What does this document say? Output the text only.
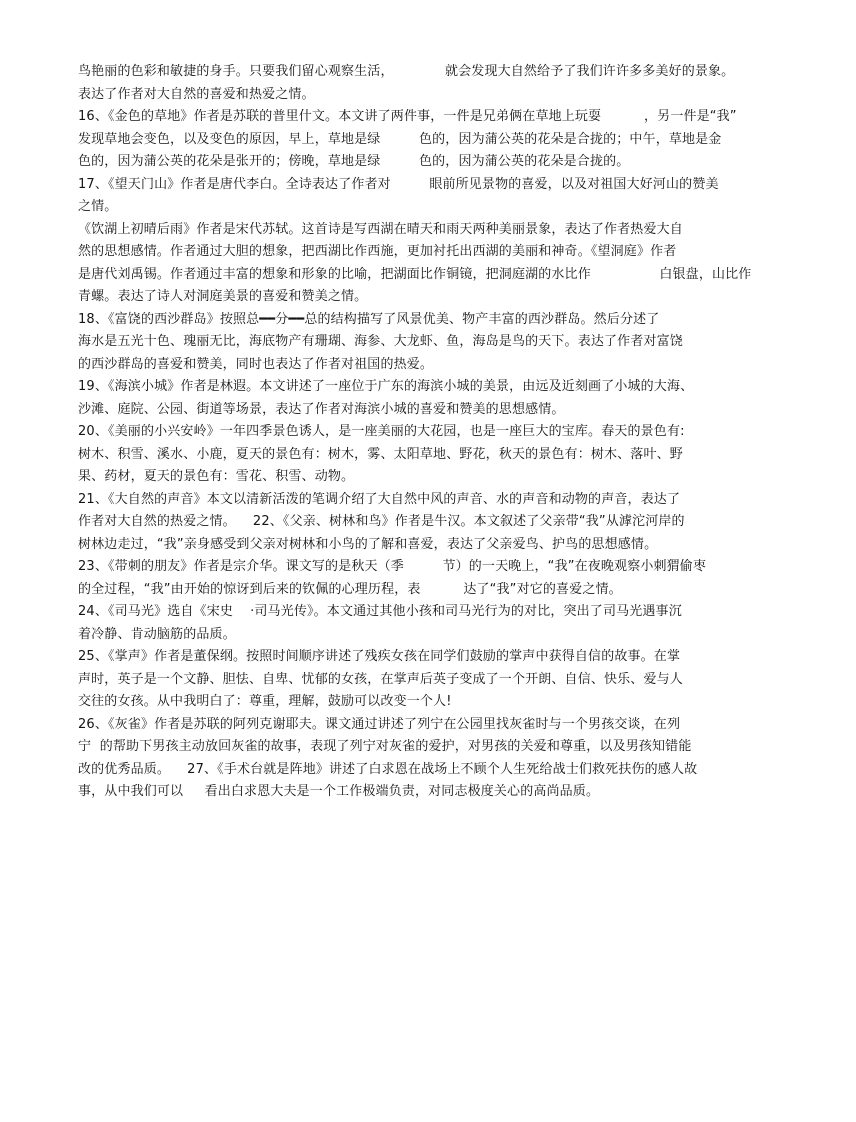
鸟艳丽的色彩和敏捷的身手。只要我们留心观察生活，            就会发现大自然给予了我们许许多多美好的景象。
表达了作者对大自然的喜爱和热爱之情。
16、《金色的草地》作者是苏联的普里什文。本文讲了两件事，一件是兄弟俩在草地上玩耍          ，另一件是“我”
发现草地会变色，以及变色的原因，早上，草地是绿         色的，因为蒲公英的花朵是合拢的；中午，草地是金
色的，因为蒲公英的花朵是张开的；傍晚，草地是绿         色的，因为蒲公英的花朵是合拢的。
17、《望天门山》作者是唐代李白。全诗表达了作者对         眼前所见景物的喜爱，以及对祖国大好河山的赞美
之情。
《饮湖上初晴后雨》作者是宋代苏轼。这首诗是写西湖在晴天和雨天两种美丽景象，表达了作者热爱大自
然的思想感情。作者通过大胆的想象，把西湖比作西施，更加衬托出西湖的美丽和神奇。《望洞庭》作者
是唐代刘禹锡。作者通过丰富的想象和形象的比喻，把湖面比作铜镜，把洞庭湖的水比作                白银盘，山比作
青螺。表达了诗人对洞庭美景的喜爱和赞美之情。
18、《富饶的西沙群岛》按照总━━分━━总的结构描写了风景优美、物产丰富的西沙群岛。然后分述了
海水是五光十色、瑰丽无比，海底物产有珊瑚、海参、大龙虾、鱼，海岛是鸟的天下。表达了作者对富饶
的西沙群岛的喜爱和赞美，同时也表达了作者对祖国的热爱。
19、《海滨小城》作者是林遐。本文讲述了一座位于广东的海滨小城的美景，由远及近刻画了小城的大海、
沙滩、庭院、公园、街道等场景，表达了作者对海滨小城的喜爱和赞美的思想感情。
20、《美丽的小兴安岭》一年四季景色诱人，是一座美丽的大花园，也是一座巨大的宝库。春天的景色有:
树木、积雪、溪水、小鹿，夏天的景色有：树木，雾、太阳草地、野花，秋天的景色有：树木、落叶、野
果、药材，夏天的景色有：雪花、积雪、动物。
21、《大自然的声音》本文以清新活泼的笔调介绍了大自然中风的声音、水的声音和动物的声音，表达了
作者对大自然的热爱之情。    22、《父亲、树林和鸟》作者是牛汉。本文叙述了父亲带“我”从滹沱河岸的
树林边走过，“我”亲身感受到父亲对树林和小鸟的了解和喜爱，表达了父亲爱鸟、护鸟的思想感情。
23、《带刺的朋友》作者是宗介华。课文写的是秋天（季         节）的一天晚上，“我”在夜晚观察小刺猬偷枣
的全过程，“我”由开始的惊讶到后来的钦佩的心理历程，表          达了“我”对它的喜爱之情。
24、《司马光》选自《宋史    ·司马光传》。本文通过其他小孩和司马光行为的对比，突出了司马光遇事沉
着冷静、肯动脑筋的品质。
25、《掌声》作者是董保纲。按照时间顺序讲述了残疾女孩在同学们鼓励的掌声中获得自信的故事。在掌
声时，英子是一个文静、胆怯、自卑、忧郁的女孩，在掌声后英子变成了一个开朗、自信、快乐、爱与人
交往的女孩。从中我明白了：尊重，理解，鼓励可以改变一个人!
26、《灰雀》作者是苏联的阿列克谢耶夫。课文通过讲述了列宁在公园里找灰雀时与一个男孩交谈，在列
宁  的帮助下男孩主动放回灰雀的故事，表现了列宁对灰雀的爱护，对男孩的关爱和尊重，以及男孩知错能
改的优秀品质。    27、《手术台就是阵地》讲述了白求恩在战场上不顾个人生死给战士们救死扶伤的感人故
事，从中我们可以     看出白求恩大夫是一个工作极端负责，对同志极度关心的高尚品质。
